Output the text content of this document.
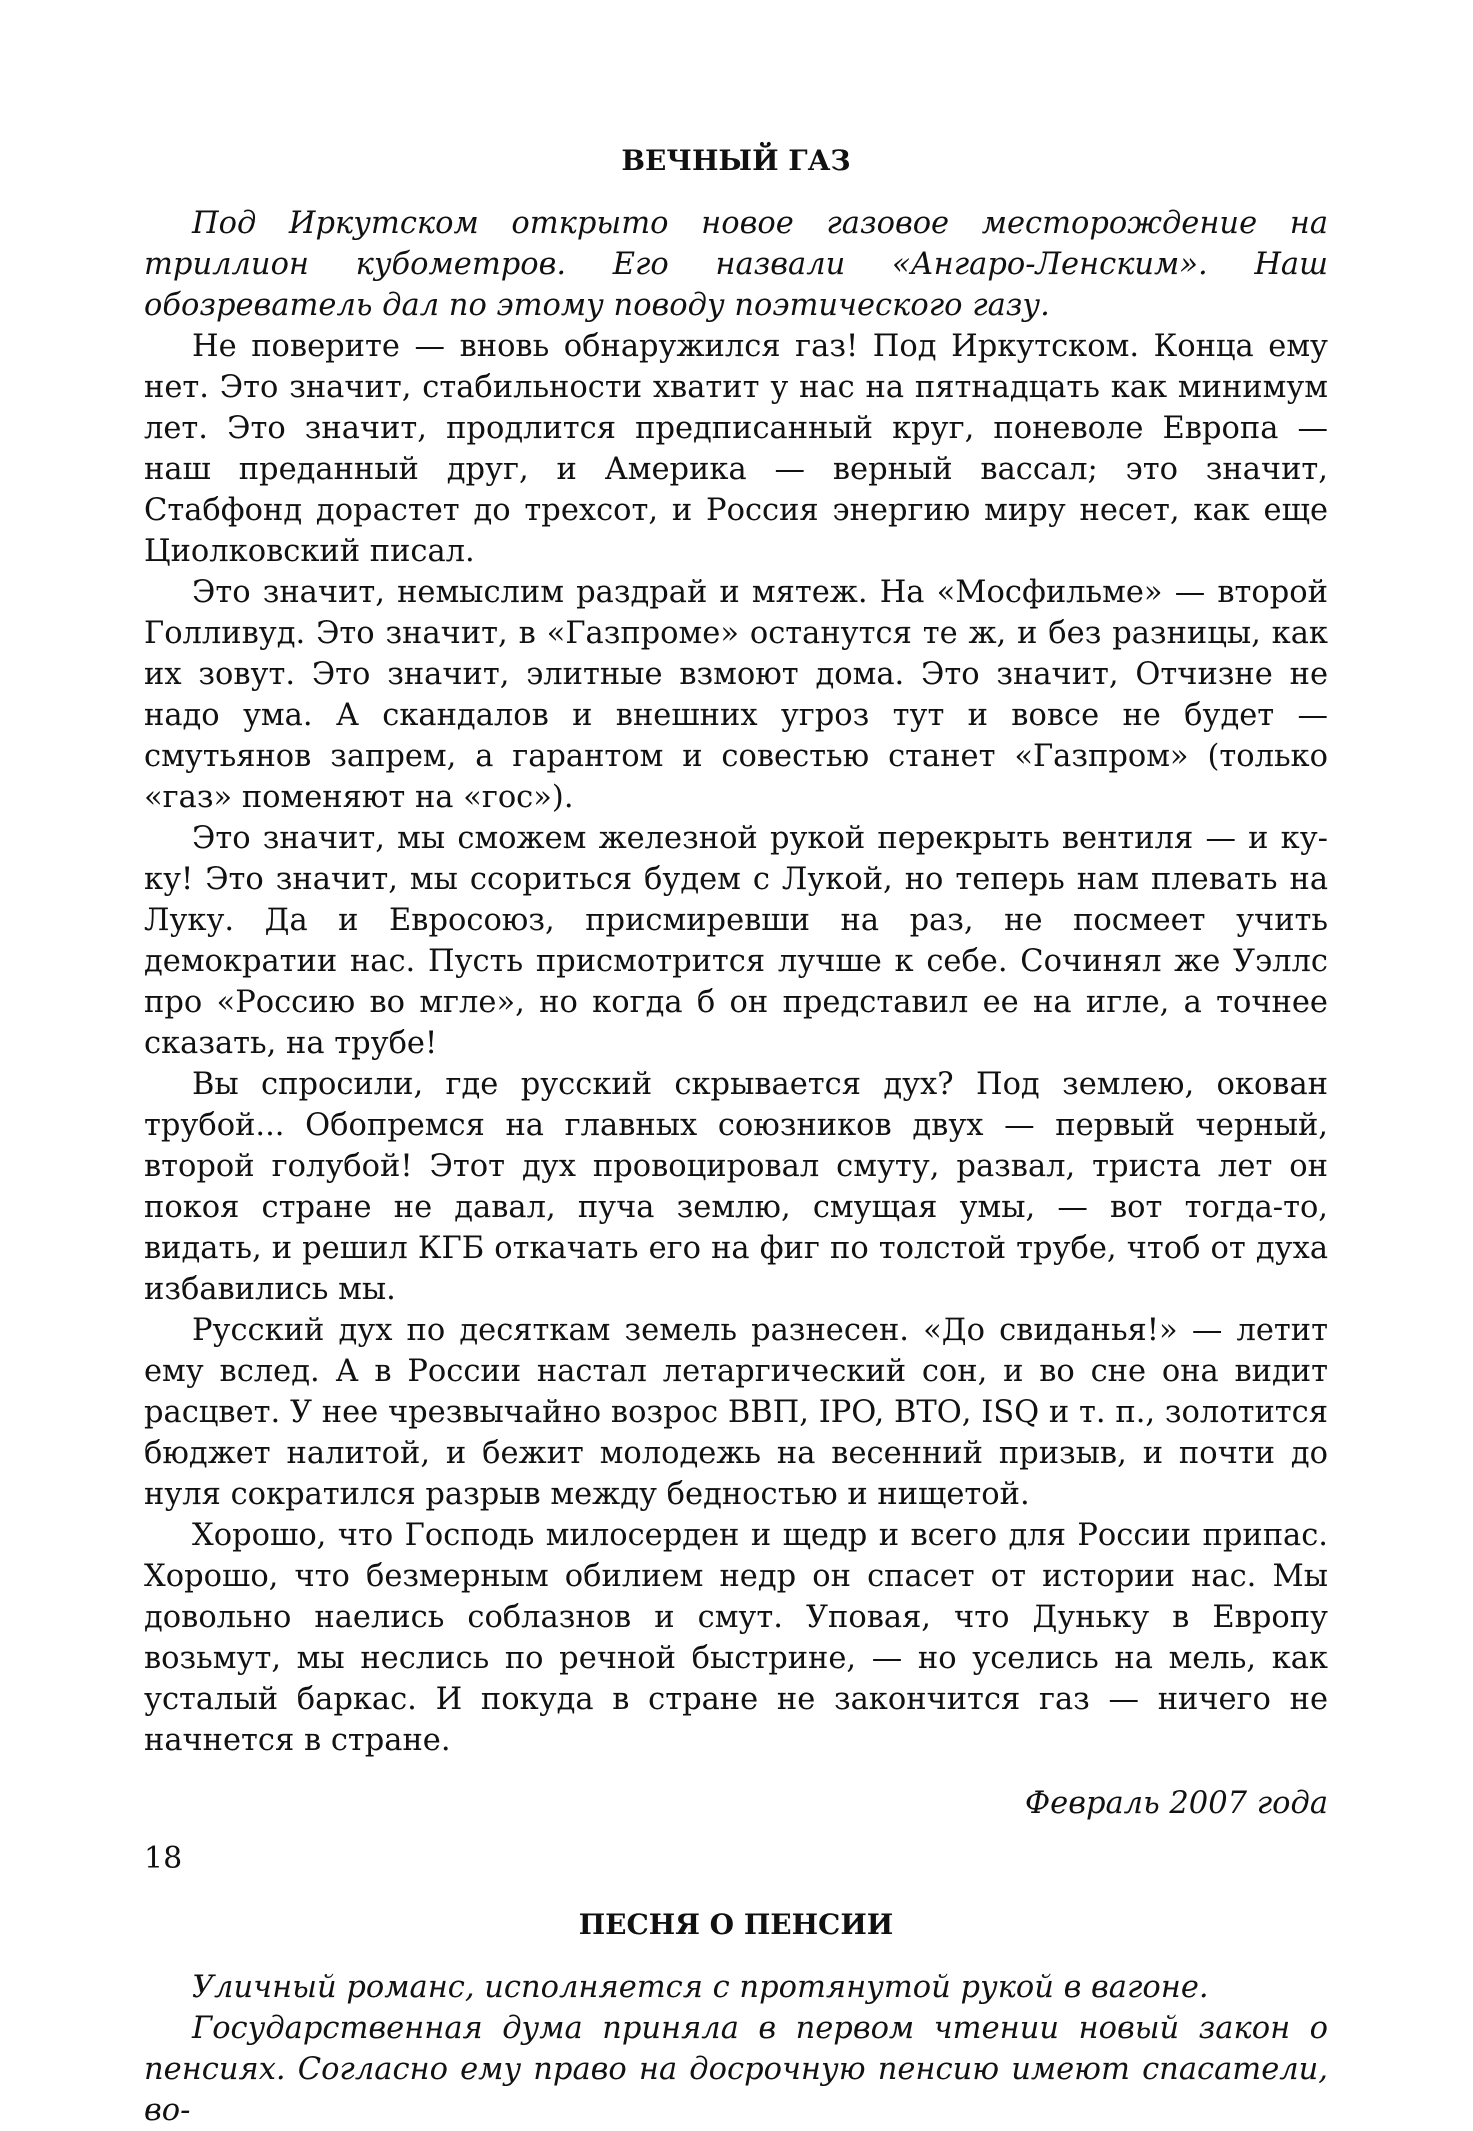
ВЕЧНЫЙ ГАЗ

Под Иркутском открыто новое газовое месторождение на триллион кубометров. Его назвали «Ангаро-Ленским». Наш обозреватель дал по этому поводу поэтического газу.

Не поверите — вновь обнаружился газ! Под Иркутском. Конца ему нет. Это значит, стабильности хватит у нас на пятнадцать как минимум лет. Это значит, продлится предписанный круг, поневоле Европа — наш преданный друг, и Америка — верный вассал; это значит, Стабфонд дорастет до трехсот, и Россия энергию миру несет, как еще Циолковский писал.

Это значит, немыслим раздрай и мятеж. На «Мосфильме» — второй Голливуд. Это значит, в «Газпроме» останутся те ж, и без разницы, как их зовут. Это значит, элитные взмоют дома. Это значит, Отчизне не надо ума. А скандалов и внешних угроз тут и вовсе не будет — смутьянов запрем, а гарантом и совестью станет «Газпром» (только «газ» поменяют на «гос»).

Это значит, мы сможем железной рукой перекрыть вентиля — и ку-ку! Это значит, мы ссориться будем с Лукой, но теперь нам плевать на Луку. Да и Евросоюз, присмиревши на раз, не посмеет учить демократии нас. Пусть присмотрится лучше к себе. Сочинял же Уэллс про «Россию во мгле», но когда б он представил ее на игле, а точнее сказать, на трубе!

Вы спросили, где русский скрывается дух? Под землею, окован трубой... Обопремся на главных союзников двух — первый черный, второй голубой! Этот дух провоцировал смуту, развал, триста лет он покоя стране не давал, пуча землю, смущая умы, — вот тогда-то, видать, и решил КГБ откачать его на фиг по толстой трубе, чтоб от духа избавились мы.

Русский дух по десяткам земель разнесен. «До свиданья!» — летит ему вслед. А в России настал летаргический сон, и во сне она видит расцвет. У нее чрезвычайно возрос ВВП, IPO, ВТО, ISQ и т. п., золотится бюджет налитой, и бежит молодежь на весенний призыв, и почти до нуля сократился разрыв между бедностью и нищетой.

Хорошо, что Господь милосерден и щедр и всего для России припас. Хорошо, что безмерным обилием недр он спасет от истории нас. Мы довольно наелись соблазнов и смут. Уповая, что Дуньку в Европу возьмут, мы неслись по речной быстрине, — но уселись на мель, как усталый баркас. И покуда в стране не закончится газ — ничего не начнется в стране.

Февраль 2007 года
ПЕСНЯ О ПЕНСИИ

Уличный романс, исполняется с протянутой рукой в вагоне.

Государственная дума приняла в первом чтении новый закон о пенсиях. Согласно ему право на досрочную пенсию имеют спасатели, во-

18
